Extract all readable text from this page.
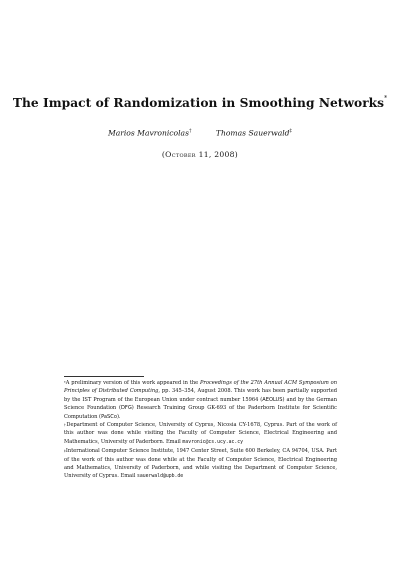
The Impact of Randomization in Smoothing Networks*
Marios Mavronicolas†	Thomas Sauerwald‡
(October 11, 2008)

*A preliminary version of this work appeared in the Proceedings of the 27th Annual ACM Symposium on Principles of Distributed Computing, pp. 345–354, August 2008. This work has been partially supported by the IST Program of the European Union under contract number 15964 (AEOLUS) and by the German Science Foundation (DFG) Research Training Group GK-693 of the Paderborn Institute for Scientific Computation (PaSCo).

†Department of Computer Science, University of Cyprus, Nicosia CY-1678, Cyprus. Part of the work of this author was done while visiting the Faculty of Computer Science, Electrical Engineering and Mathematics, University of Paderborn. Email mavronic@cs.ucy.ac.cy

‡International Computer Science Institute, 1947 Center Street, Suite 600 Berkeley, CA 94704, USA. Part of the work of this author was done while at the Faculty of Computer Science, Electrical Engineering and Mathematics, University of Paderborn, and while visiting the Department of Computer Science, University of Cyprus. Email sauerwald@upb.de
